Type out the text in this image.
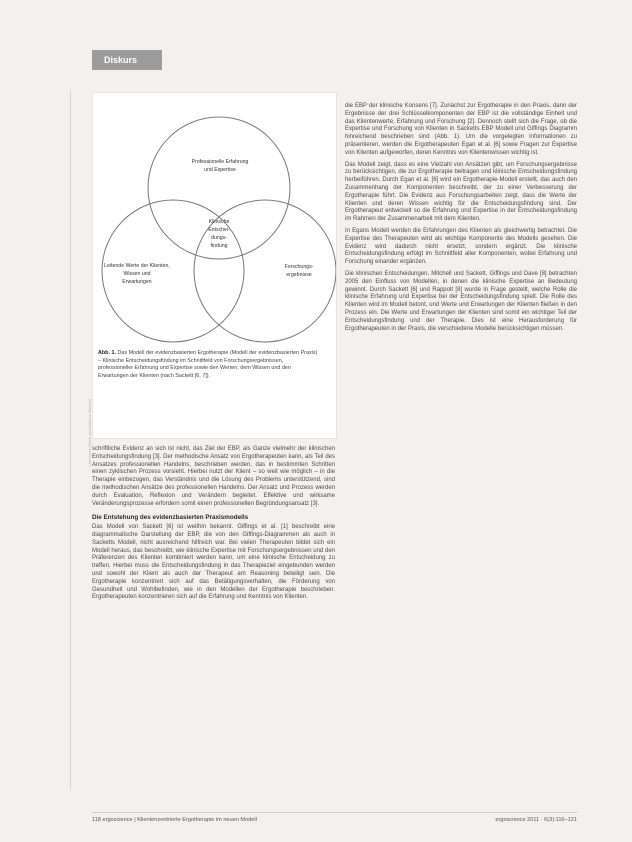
Diskurs
Urheberrechtlich geschütztes Material
Professionelle Erfahrung
und Expertise
Leitende Werte der Klienten,
Wissen und
Erwartungen
Forschungs-
ergebnisse
Klinische
Entschei-
dungs-
findung
Abb. 1. Das Modell der evidenzbasierten Ergotherapie (Modell der evidenzbasierten Praxis) – Klinische Entscheidungsfindung im Schnittfeld von Forschungsergebnissen, professioneller Erfahrung und Expertise sowie den Werten, dem Wissen und den Erwartungen der Klienten (nach Sackett [6, 7]).

schriftliche Evidenz an sich ist nicht, das Ziel der EBP, als Ganze vielmehr der klinischen Entscheidungsfindung [3]. Der methodische Ansatz von Ergotherapeuten kann, als Teil des Ansatzes professionellen Handelns, beschrieben werden, das in bestimmten Schritten einen zyklischen Prozess vorsieht. Hierbei nutzt der Klient – so weit wie möglich – in die Therapie einbezogen, das Verständnis und die Lösung des Problems unterstützend, sind die methodischen Ansätze des professionellen Handelns. Der Ansatz und Prozess werden durch Evaluation, Reflexion und Verändern begleitet. Effektive und wirksame Veränderungsprozesse erfordern somit einen professionellen Begründungsansatz [3].

Die Entstehung des evidenzbasierten Praxismodells

Das Modell von Sackett [6] ist weithin bekannt. Giffings et al. [1] beschreibt eine diagrammatische Darstellung der EBP, die von den Giffings-Diagrammen als auch in Sacketts Modell, nicht ausreichend hilfreich war. Bei vielen Therapeuten bildet sich ein Modell heraus, das beschreibt, wie klinische Expertise mit Forschungsergebnissen und den Präferenzen des Klienten kombiniert werden kann, um eine klinische Entscheidung zu treffen. Hierbei muss die Entscheidungsfindung in das Therapieziel eingebunden werden und sowohl der Klient als auch der Therapeut am Reasoning beteiligt sein. Die Ergotherapie konzentriert sich auf das Betätigungsverhalten, die Förderung von Gesundheit und Wohlbefinden, wie in den Modellen der Ergotherapie beschrieben. Ergotherapeuten konzentrieren sich auf die Erfahrung und Kenntnis von Klienten.

die EBP der klinische Konsens [7]. Zunächst zur Ergotherapie in den Praxis, dann der Ergebnisse der drei Schlüsselkomponenten der EBP ist die vollständige Einheit und das Klientenwerte, Erfahrung und Forschung [2]. Dennoch stellt sich die Frage, ob die Expertise und Forschung von Klienten in Sacketts EBP Modell und Giffings Diagramm hinreichend beschrieben sind (Abb. 1). Um die vorgelegten Informationen zu präsentieren, werden die Ergotherapeuten Egan et al. [6] sowie Fragen zur Expertise von Klienten aufgeworfen, deren Kenntnis von Klientenwissen wichtig ist.

Das Modell zeigt, dass es eine Vielzahl von Ansätzen gibt, um Forschungsergebnisse zu berücksichtigen, die zur Ergotherapie beitragen und klinische Entscheidungsfindung herbeiführen. Durch Egan et al. [6] wird ein Ergotherapie-Modell erstellt, das auch den Zusammenhang der Komponenten beschreibt, der zu einer Verbesserung der Ergotherapie führt. Die Evidenz aus Forschungsarbeiten zeigt, dass die Werte der Klienten und deren Wissen wichtig für die Entscheidungsfindung sind. Der Ergotherapeut entwickelt so die Erfahrung und Expertise in der Entscheidungsfindung im Rahmen der Zusammenarbeit mit dem Klienten.

In Egans Modell werden die Erfahrungen des Klienten als gleichwertig betrachtet. Die Expertise des Therapeuten wird als wichtige Komponente des Modells gesehen. Die Evidenz wird dadurch nicht ersetzt, sondern ergänzt. Die klinische Entscheidungsfindung erfolgt im Schnittfeld aller Komponenten, wobei Erfahrung und Forschung einander ergänzen.

Die klinischen Entscheidungen, Mitchell und Sackett, Giffings und Dave [8] betrachten 2005 den Einfluss von Modellen, in denen die klinische Expertise an Bedeutung gewinnt. Durch Sackett [6] und Rappolt [8] wurde in Frage gestellt, welche Rolle die klinische Erfahrung und Expertise bei der Entscheidungsfindung spielt. Die Rolle des Klienten wird im Modell betont, und Werte und Erwartungen der Klienten fließen in den Prozess ein. Die Werte und Erwartungen der Klienten sind somit ein wichtiger Teil der Entscheidungsfindung und der Therapie. Dies ist eine Herausforderung für Ergotherapeuten in der Praxis, die verschiedene Modelle berücksichtigen müssen.

118 ergoscience | Klientenzentrierte Ergotherapie im neuen Modell	ergoscience 2011 · 6(3):116–121
